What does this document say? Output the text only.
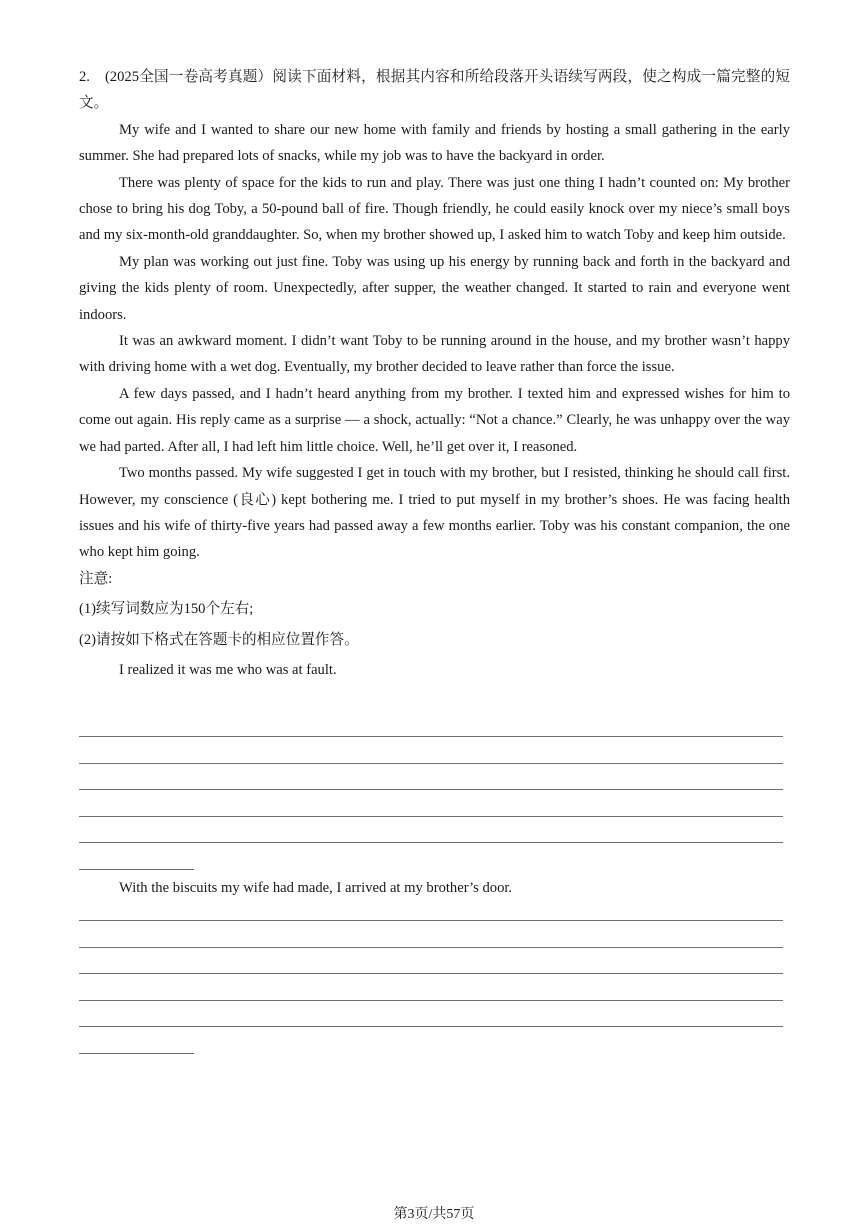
2.　(2025全国一卷高考真题）阅读下面材料，根据其内容和所给段落开头语续写两段，使之构成一篇完整的短文。

My wife and I wanted to share our new home with family and friends by hosting a small gathering in the early summer. She had prepared lots of snacks, while my job was to have the backyard in order.

There was plenty of space for the kids to run and play. There was just one thing I hadn’t counted on: My brother chose to bring his dog Toby, a 50-pound ball of fire. Though friendly, he could easily knock over my niece’s small boys and my six-month-old granddaughter. So, when my brother showed up, I asked him to watch Toby and keep him outside.

My plan was working out just fine. Toby was using up his energy by running back and forth in the backyard and giving the kids plenty of room. Unexpectedly, after supper, the weather changed. It started to rain and everyone went indoors.

It was an awkward moment. I didn’t want Toby to be running around in the house, and my brother wasn’t happy with driving home with a wet dog. Eventually, my brother decided to leave rather than force the issue.

A few days passed, and I hadn’t heard anything from my brother. I texted him and expressed wishes for him to come out again. His reply came as a surprise — a shock, actually: “Not a chance.” Clearly, he was unhappy over the way we had parted. After all, I had left him little choice. Well, he’ll get over it, I reasoned.

Two months passed. My wife suggested I get in touch with my brother, but I resisted, thinking he should call first. However, my conscience (良心) kept bothering me. I tried to put myself in my brother’s shoes. He was facing health issues and his wife of thirty-five years had passed away a few months earlier. Toby was his constant companion, the one who kept him going.

注意:

(1)续写词数应为150个左右;

(2)请按如下格式在答题卡的相应位置作答。

I realized it was me who was at fault.

With the biscuits my wife had made, I arrived at my brother’s door.

第3页/共57页
